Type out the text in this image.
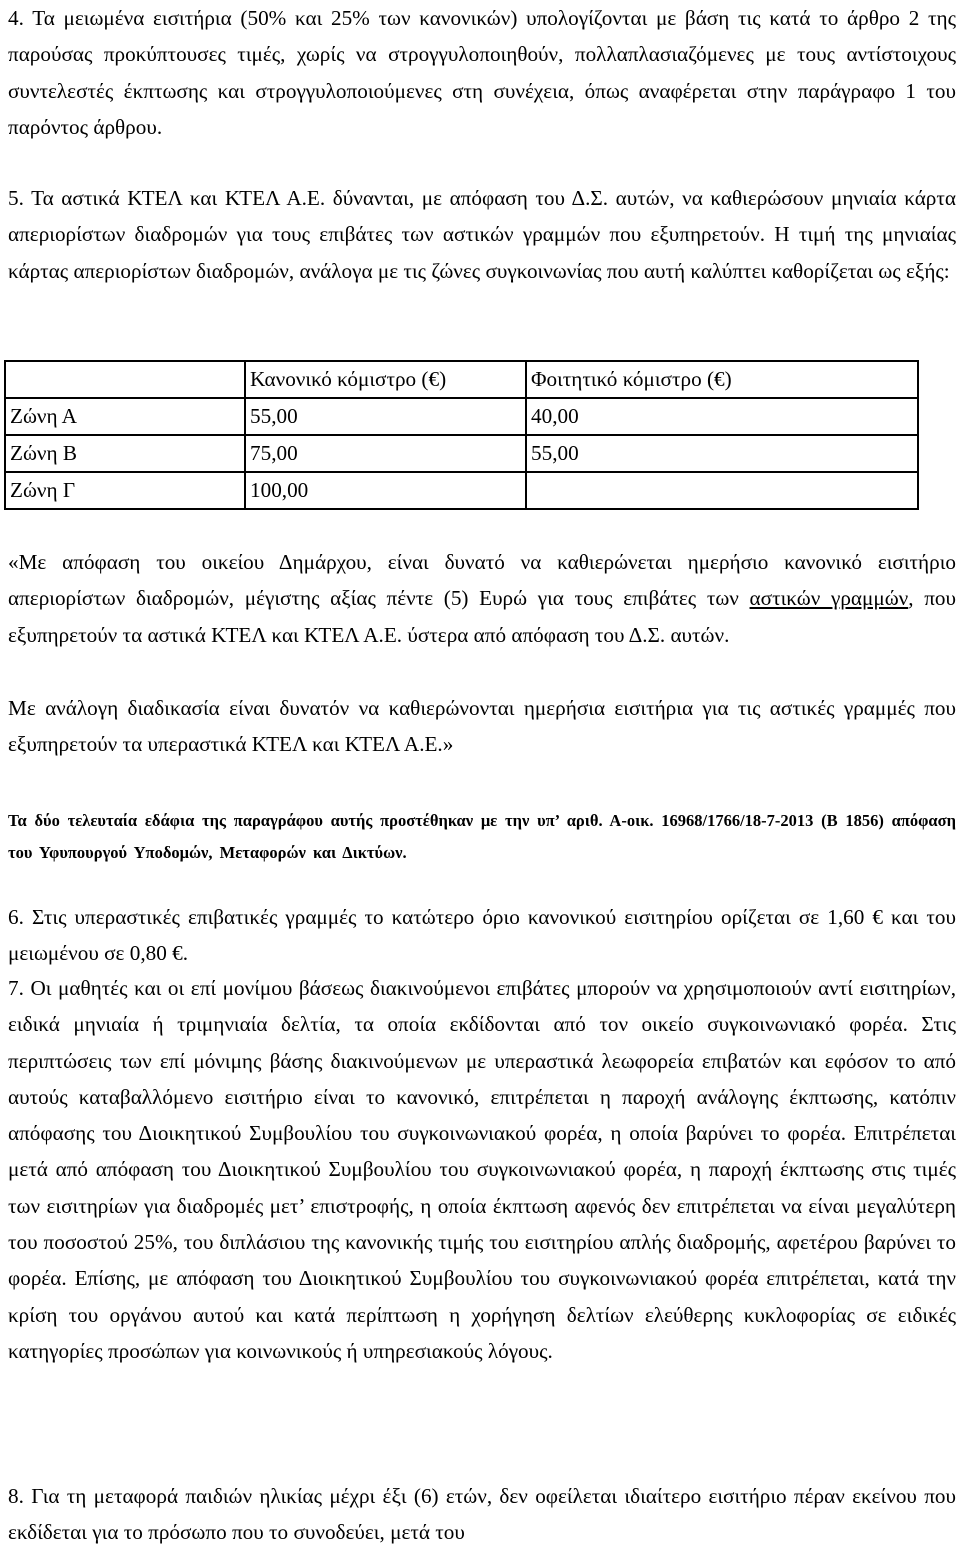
4. Τα μειωμένα εισιτήρια (50% και 25% των κανονικών) υπολογίζονται με βάση τις κατά το άρθρο 2 της παρούσας προκύπτουσες τιμές, χωρίς να στρογγυλοποιηθούν, πολλαπλασιαζόμενες με τους αντίστοιχους συντελεστές έκπτωσης και στρογγυλοποιούμενες στη συνέχεια, όπως αναφέρεται στην παράγραφο 1 του παρόντος άρθρου.

5. Τα αστικά ΚΤΕΛ και ΚΤΕΛ Α.Ε. δύνανται, με απόφαση του Δ.Σ. αυτών, να καθιερώσουν μηνιαία κάρτα απεριορίστων διαδρομών για τους επιβάτες των αστικών γραμμών που εξυπηρετούν. Η τιμή της μηνιαίας κάρτας απεριορίστων διαδρομών, ανάλογα με τις ζώνες συγκοινωνίας που αυτή καλύπτει καθορίζεται ως εξής:

	Κανονικό κόμιστρο (€)	Φοιτητικό κόμιστρο (€)
Ζώνη Α	55,00	40,00
Ζώνη Β	75,00	55,00
Ζώνη Γ	100,00	

«Με απόφαση του οικείου Δημάρχου, είναι δυνατό να καθιερώνεται ημερήσιο κανονικό εισιτήριο απεριορίστων διαδρομών, μέγιστης αξίας πέντε (5) Ευρώ για τους επιβάτες των αστικών γραμμών, που εξυπηρετούν τα αστικά ΚΤΕΛ και ΚΤΕΛ Α.Ε. ύστερα από απόφαση του Δ.Σ. αυτών.

Με ανάλογη διαδικασία είναι δυνατόν να καθιερώνονται ημερήσια εισιτήρια για τις αστικές γραμμές που εξυπηρετούν τα υπεραστικά ΚΤΕΛ και ΚΤΕΛ Α.Ε.»

Τα δύο τελευταία εδάφια της παραγράφου αυτής προστέθηκαν με την υπ’ αριθ. Α-οικ. 16968/1766/18-7-2013 (Β 1856) απόφαση του Υφυπουργού Υποδομών, Μεταφορών και Δικτύων.

6. Στις υπεραστικές επιβατικές γραμμές το κατώτερο όριο κανονικού εισιτηρίου ορίζεται σε 1,60 € και του μειωμένου σε 0,80 €.

7. Οι μαθητές και οι επί μονίμου βάσεως διακινούμενοι επιβάτες μπορούν να χρησιμοποιούν αντί εισιτηρίων, ειδικά μηνιαία ή τριμηνιαία δελτία, τα οποία εκδίδονται από τον οικείο συγκοινωνιακό φορέα. Στις περιπτώσεις των επί μόνιμης βάσης διακινούμενων με υπεραστικά λεωφορεία επιβατών και εφόσον το από αυτούς καταβαλλόμενο εισιτήριο είναι το κανονικό, επιτρέπεται η παροχή ανάλογης έκπτωσης, κατόπιν απόφασης του Διοικητικού Συμβουλίου του συγκοινωνιακού φορέα, η οποία βαρύνει το φορέα. Επιτρέπεται μετά από απόφαση του Διοικητικού Συμβουλίου του συγκοινωνιακού φορέα, η παροχή έκπτωσης στις τιμές των εισιτηρίων για διαδρομές μετ’ επιστροφής, η οποία έκπτωση αφενός δεν επιτρέπεται να είναι μεγαλύτερη του ποσοστού 25%, του διπλάσιου της κανονικής τιμής του εισιτηρίου απλής διαδρομής, αφετέρου βαρύνει το φορέα. Επίσης, με απόφαση του Διοικητικού Συμβουλίου του συγκοινωνιακού φορέα επιτρέπεται, κατά την κρίση του οργάνου αυτού και κατά περίπτωση η χορήγηση δελτίων ελεύθερης κυκλοφορίας σε ειδικές κατηγορίες προσώπων για κοινωνικούς ή υπηρεσιακούς λόγους.

8. Για τη μεταφορά παιδιών ηλικίας μέχρι έξι (6) ετών, δεν οφείλεται ιδιαίτερο εισιτήριο πέραν εκείνου που εκδίδεται για το πρόσωπο που το συνοδεύει, μετά του
